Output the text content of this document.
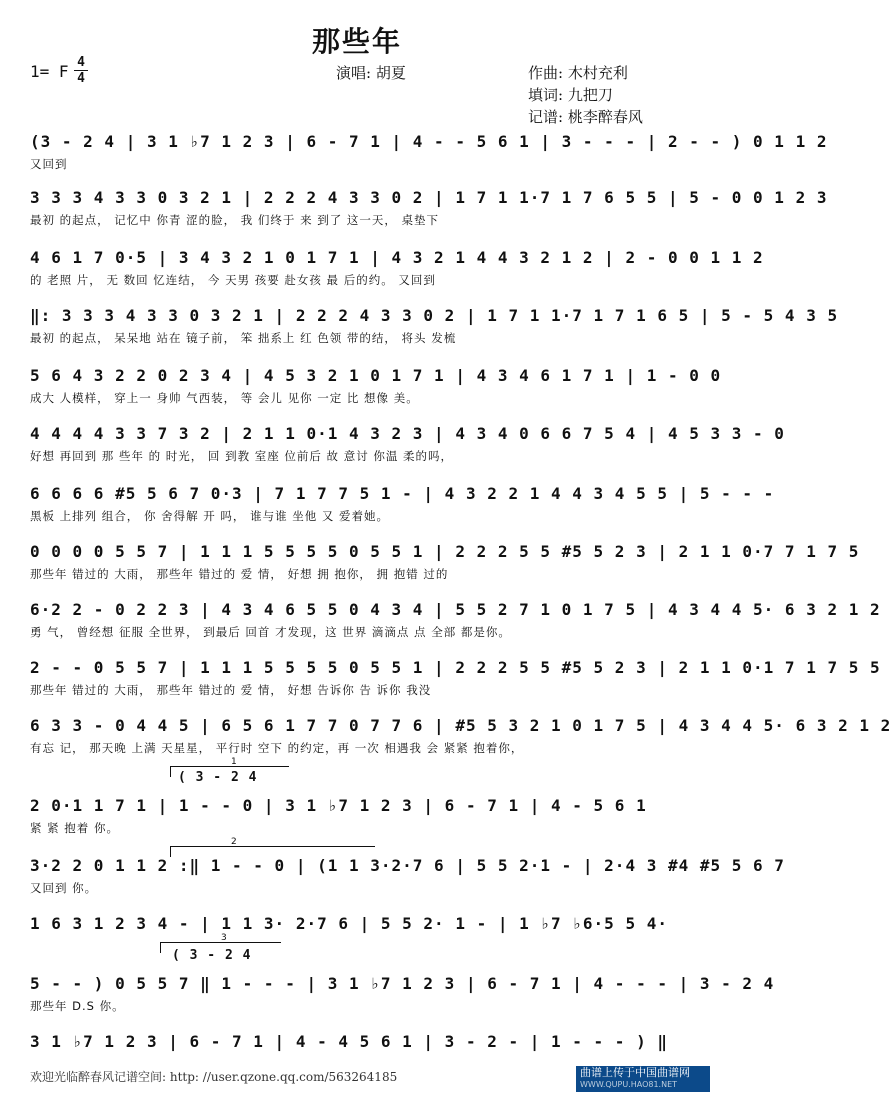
那些年
1= F 4
4	演唱: 胡夏	作曲: 木村充利
填词: 九把刀
记谱: 桃李醉春风
(3 - 2 4 | 3 1 ♭7 1 2 3 | 6 - 7 1 | 4 - - 5 6 1 | 3 - - - | 2 - - ) 0 1 1 2
又回到
3 3 3 4 3 3 0 3 2 1 | 2 2 2 4 3 3 0 2 | 1 7 1 1·7 1 7 6 5 5 | 5 - 0 0 1 2 3
最初 的起点， 记忆中 你青 涩的脸， 我 们终于 来 到了 这一天， 桌垫下
4 6 1 7 0·5 | 3 4 3 2 1 0 1 7 1 | 4 3 2 1 4 4 3 2 1 2 | 2 - 0 0 1 1 2
的 老照 片， 无 数回 忆连结， 今 天男 孩要 赴女孩 最 后的约。 又回到
‖: 3 3 3 4 3 3 0 3 2 1 | 2 2 2 4 3 3 0 2 | 1 7 1 1·7 1 7 1 6 5 | 5 - 5 4 3 5
最初 的起点， 呆呆地 站在 镜子前， 笨 拙系上 红 色领 带的结， 将头 发梳
5 6 4 3 2 2 0 2 3 4 | 4 5 3 2 1 0 1 7 1 | 4 3 4 6 1 7 1 | 1 - 0 0
成大 人模样， 穿上一 身帅 气西装， 等 会儿 见你 一定 比 想像 美。
4 4 4 4 3 3 7 3 2 | 2 1 1 0·1 4 3 2 3 | 4 3 4 0 6 6 7 5 4 | 4 5 3 3 - 0
好想 再回到 那 些年 的 时光， 回 到教 室座 位前后 故 意讨 你温 柔的吗，
6 6 6 6 #5 5 6 7 0·3 | 7 1 7 7 5 1 - | 4 3 2 2 1 4 4 3 4 5 5 | 5 - - -
黑板 上排列 组合， 你 舍得解 开 吗， 谁与谁 坐他 又 爱着她。
0 0 0 0 5 5 7 | 1 1 1 5 5 5 5 0 5 5 1 | 2 2 2 5 5 #5 5 2 3 | 2 1 1 0·7 7 1 7 5
那些年 错过的 大雨， 那些年 错过的 爱 情， 好想 拥 抱你， 拥 抱错 过的
6·2 2 - 0 2 2 3 | 4 3 4 6 5 5 0 4 3 4 | 5 5 2 7 1 0 1 7 5 | 4 3 4 4 5· 6 3 2 1 2
勇 气， 曾经想 征服 全世界， 到最后 回首 才发现，这 世界 滴滴点 点 全部 都是你。
2 - - 0 5 5 7 | 1 1 1 5 5 5 5 0 5 5 1 | 2 2 2 5 5 #5 5 2 3 | 2 1 1 0·1 7 1 7 5 5
那些年 错过的 大雨， 那些年 错过的 爱 情， 好想 告诉你 告 诉你 我没
6 3 3 - 0 4 4 5 | 6 5 6 1 7 7 0 7 7 6 | #5 5 3 2 1 0 1 7 5 | 4 3 4 4 5· 6 3 2 1 2
有忘 记， 那天晚 上满 天星星， 平行时 空下 的约定，再 一次 相遇我 会 紧紧 抱着你，
2 0·1 1 7 1 | 1 - - 0 | 3 1 ♭7 1 2 3 | 6 - 7 1 | 4 - 5 6 1
紧 紧 抱着 你。
3·2 2 0 1 1 2 :‖ 1 - - 0 | (1 1 3·2·7 6 | 5 5 2·1 - | 2·4 3 #4 #5 5 6 7
又回到 你。
1 6 3 1 2 3 4 - | 1 1 3· 2·7 6 | 5 5 2· 1 - | 1 ♭7 ♭6·5 5 4·
5 - - ) 0 5 5 7 ‖ 1 - - - | 3 1 ♭7 1 2 3 | 6 - 7 1 | 4 - - - | 3 - 2 4
那些年 D.S 你。
3 1 ♭7 1 2 3 | 6 - 7 1 | 4 - 4 5 6 1 | 3 - 2 - | 1 - - - ) ‖
1
( 3 - 2 4
2
3
( 3 - 2 4
欢迎光临醉春风记谱空间: http: //user.qzone.qq.com/563264185	曲谱上传于中国曲谱网
WWW.QUPU.HAO81.NET
